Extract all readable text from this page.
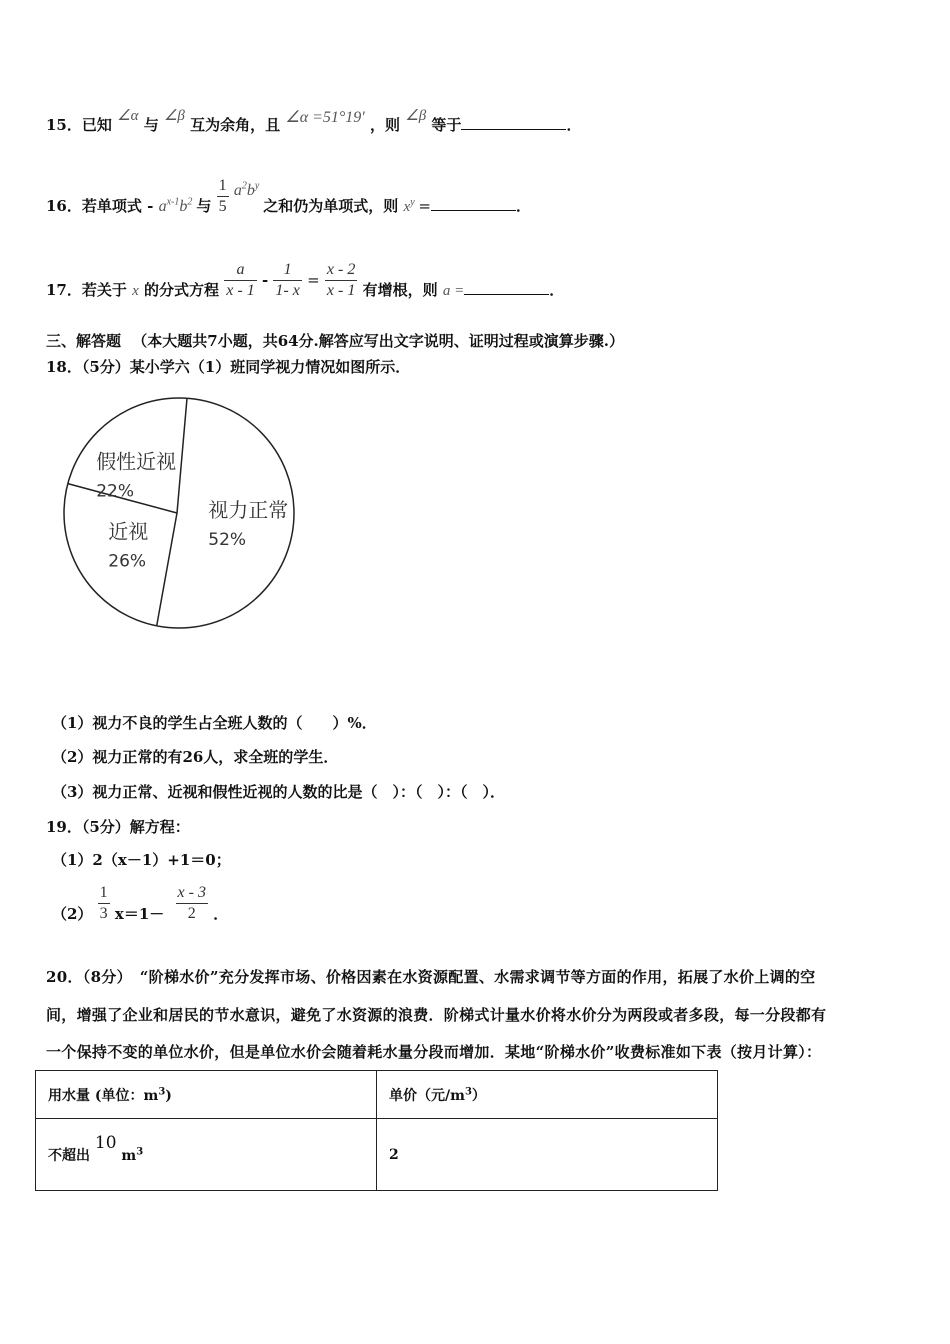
15．已知 ∠α 与 ∠β 互为余角，且 ∠α =51°19′ ，则 ∠β 等于	．
16．若单项式 - $a^{x-1}b^2$ 与 $\frac{1}{5} a^2b^y$ 之和仍为单项式，则 $x^y$ =	．
17．若关于 x 的分式方程 $\frac{a}{x - 1} - \frac{1}{1- x} = \frac{x - 2}{x - 1}$ 有增根，则 a =	．
三、解答题 （本大题共7小题，共64分.解答应写出文字说明、证明过程或演算步骤.）
18．（5分）某小学六（1）班同学视力情况如图所示．
视力正常
52%
近视
26%
假性近视
22%
（1）视力不良的学生占全班人数的（　　）%．
（2）视力正常的有26人，求全班的学生．
（3）视力正常、近视和假性近视的人数的比是（　）：（　）：（　）．
19．（5分）解方程：
（1）2（x－1）+1＝0；
$(2) \frac{1}{3} x=1- \frac{x - 3}{2}$ ．
20．（8分）　“阶梯水价”充分发挥市场、价格因素在水资源配置、水需求调节等方面的作用，拓展了水价上调的空
间，增强了企业和居民的节水意识，避免了水资源的浪费．阶梯式计量水价将水价分为两段或者多段，每一分段都有
一个保持不变的单位水价，但是单位水价会随着耗水量分段而增加．某地“阶梯水价”收费标准如下表（按月计算）：
用水量 (单位：$m^3$)	单价（元$/m^3$）
不超出 10 $m^3$	2
